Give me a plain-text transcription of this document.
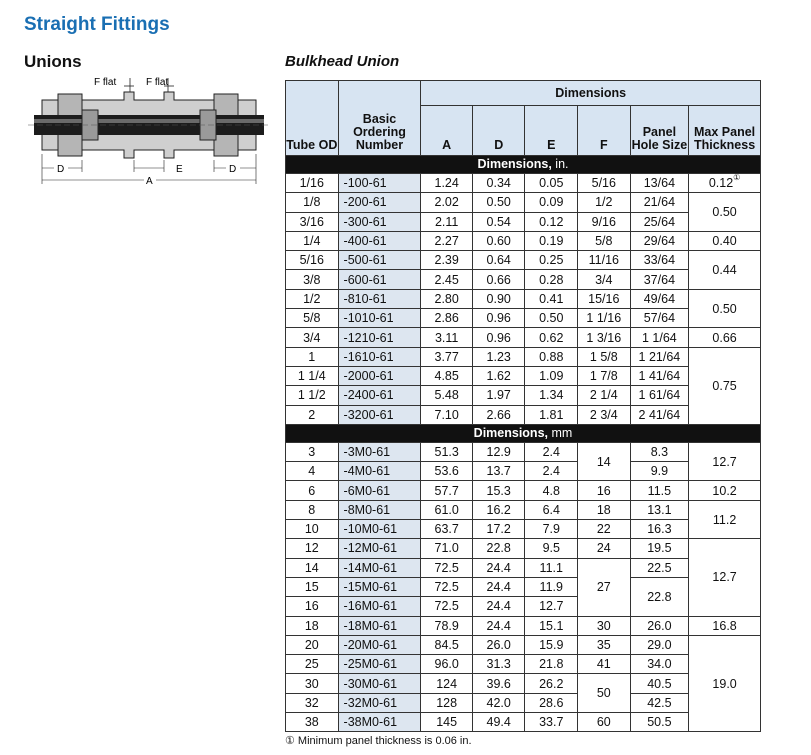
Straight Fittings
Unions	Bulkhead Union
F flat	F flat
D	D
A
E
Tube OD	Basic Ordering Number	Dimensions					
		A	D	E	F	Panel Hole Size	Max Panel Thickness
Dimensions, in.							
1/16	-100-61	1.24	0.34	0.05	5/16	13/64	0.12①
1/8	-200-61	2.02	0.50	0.09	1/2	21/64	0.50
3/16	-300-61	2.11	0.54	0.12	9/16	25/64	
1/4	-400-61	2.27	0.60	0.19	5/8	29/64	0.40
5/16	-500-61	2.39	0.64	0.25	11/16	33/64	0.44
3/8	-600-61	2.45	0.66	0.28	3/4	37/64	
1/2	-810-61	2.80	0.90	0.41	15/16	49/64	0.50
5/8	-1010-61	2.86	0.96	0.50	1 1/16	57/64	
3/4	-1210-61	3.11	0.96	0.62	1 3/16	1 1/64	0.66
1	-1610-61	3.77	1.23	0.88	1 5/8	1 21/64	0.75
1 1/4	-2000-61	4.85	1.62	1.09	1 7/8	1 41/64	
1 1/2	-2400-61	5.48	1.97	1.34	2 1/4	1 61/64	
2	-3200-61	7.10	2.66	1.81	2 3/4	2 41/64	
Dimensions, mm							
3	-3M0-61	51.3	12.9	2.4	14	8.3	12.7
4	-4M0-61	53.6	13.7	2.4		9.9	
6	-6M0-61	57.7	15.3	4.8	16	11.5	10.2
8	-8M0-61	61.0	16.2	6.4	18	13.1	11.2
10	-10M0-61	63.7	17.2	7.9	22	16.3	
12	-12M0-61	71.0	22.8	9.5	24	19.5	12.7
14	-14M0-61	72.5	24.4	11.1	27	22.5	
15	-15M0-61	72.5	24.4	11.9		22.8	
16	-16M0-61	72.5	24.4	12.7			
18	-18M0-61	78.9	24.4	15.1	30	26.0	16.8
20	-20M0-61	84.5	26.0	15.9	35	29.0	19.0
25	-25M0-61	96.0	31.3	21.8	41	34.0	
30	-30M0-61	124	39.6	26.2	50	40.5	
32	-32M0-61	128	42.0	28.6		42.5	
38	-38M0-61	145	49.4	33.7	60	50.5	
① Minimum panel thickness is 0.06 in.
